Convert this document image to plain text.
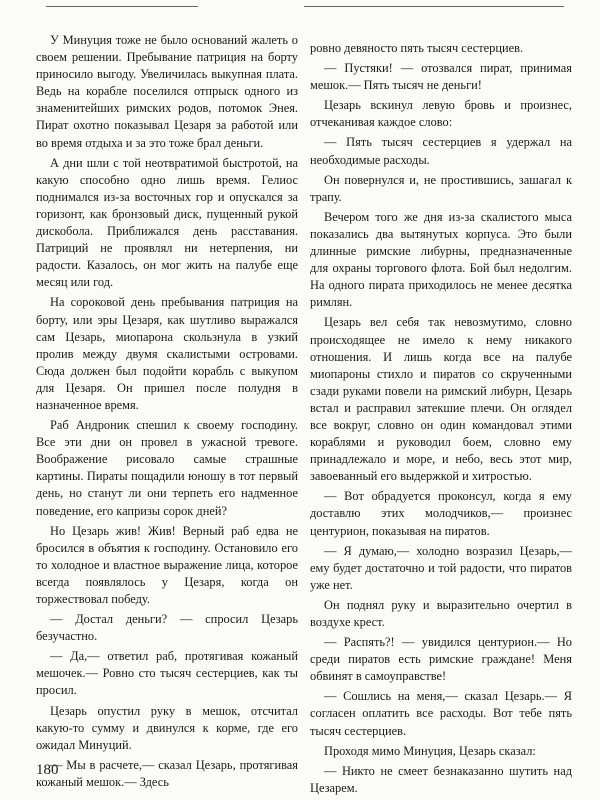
У Минуция тоже не было оснований жалеть о своем решении. Пребывание патриция на борту приносило выгоду. Увеличилась выкупная плата. Ведь на корабле поселился отпрыск одного из знаменитейших римских родов, потомок Энея. Пират охотно показывал Цезаря за работой или во время отдыха и за это тоже брал деньги.

А дни шли с той неотвратимой быстротой, на какую способно одно лишь время. Гелиос поднимался из-за восточных гор и опускался за горизонт, как бронзовый диск, пущенный рукой дискобола. Приближался день расставания. Патриций не проявлял ни нетерпения, ни радости. Казалось, он мог жить на палубе еще месяц или год.

На сороковой день пребывания патриция на борту, или эры Цезаря, как шутливо выражался сам Цезарь, миопарона скользнула в узкий пролив между двумя скалистыми островами. Сюда должен был подойти корабль с выкупом для Цезаря. Он пришел после полудня в назначенное время.

Раб Андроник спешил к своему господину. Все эти дни он провел в ужасной тревоге. Воображение рисовало самые страшные картины. Пираты пощадили юношу в тот первый день, но станут ли они терпеть его надменное поведение, его капризы сорок дней?

Но Цезарь жив! Жив! Верный раб едва не бросился в объятия к господину. Остановило его то холодное и властное выражение лица, которое всегда появлялось у Цезаря, когда он торжествовал победу.

— Достал деньги? — спросил Цезарь безучастно.

— Да,— ответил раб, протягивая кожаный мешочек.— Ровно сто тысяч сестерциев, как ты просил.

Цезарь опустил руку в мешок, отсчитал какую-то сумму и двинулся к корме, где его ожидал Минуций.

— Мы в расчете,— сказал Цезарь, протягивая кожаный мешок.— Здесь

ровно девяносто пять тысяч сестерциев.

— Пустяки! — отозвался пират, принимая мешок.— Пять тысяч не деньги!

Цезарь вскинул левую бровь и произнес, отчеканивая каждое слово:

— Пять тысяч сестерциев я удержал на необходимые расходы.

Он повернулся и, не простившись, зашагал к трапу.

Вечером того же дня из-за скалистого мыса показались два вытянутых корпуса. Это были длинные римские либурны, предназначенные для охраны торгового флота. Бой был недолгим. На одного пирата приходилось не менее десятка римлян.

Цезарь вел себя так невозмутимо, словно происходящее не имело к нему никакого отношения. И лишь когда все на палубе миопароны стихло и пиратов со скрученными сзади руками повели на римский либурн, Цезарь встал и расправил затекшие плечи. Он оглядел все вокруг, словно он один командовал этими кораблями и руководил боем, словно ему принадлежало и море, и небо, весь этот мир, завоеванный его выдержкой и хитростью.

— Вот обрадуется проконсул, когда я ему доставлю этих молодчиков,— произнес центурион, показывая на пиратов.

— Я думаю,— холодно возразил Цезарь,— ему будет достаточно и той радости, что пиратов уже нет.

Он поднял руку и выразительно очертил в воздухе крест.

— Распять?! — увидился центурион.— Но среди пиратов есть римские граждане! Меня обвинят в самоуправстве!

— Сошлись на меня,— сказал Цезарь.— Я согласен оплатить все расходы. Вот тебе пять тысяч сестерциев.

Проходя мимо Минуция, Цезарь сказал:

— Никто не смеет безнаказанно шутить над Цезарем.

180
